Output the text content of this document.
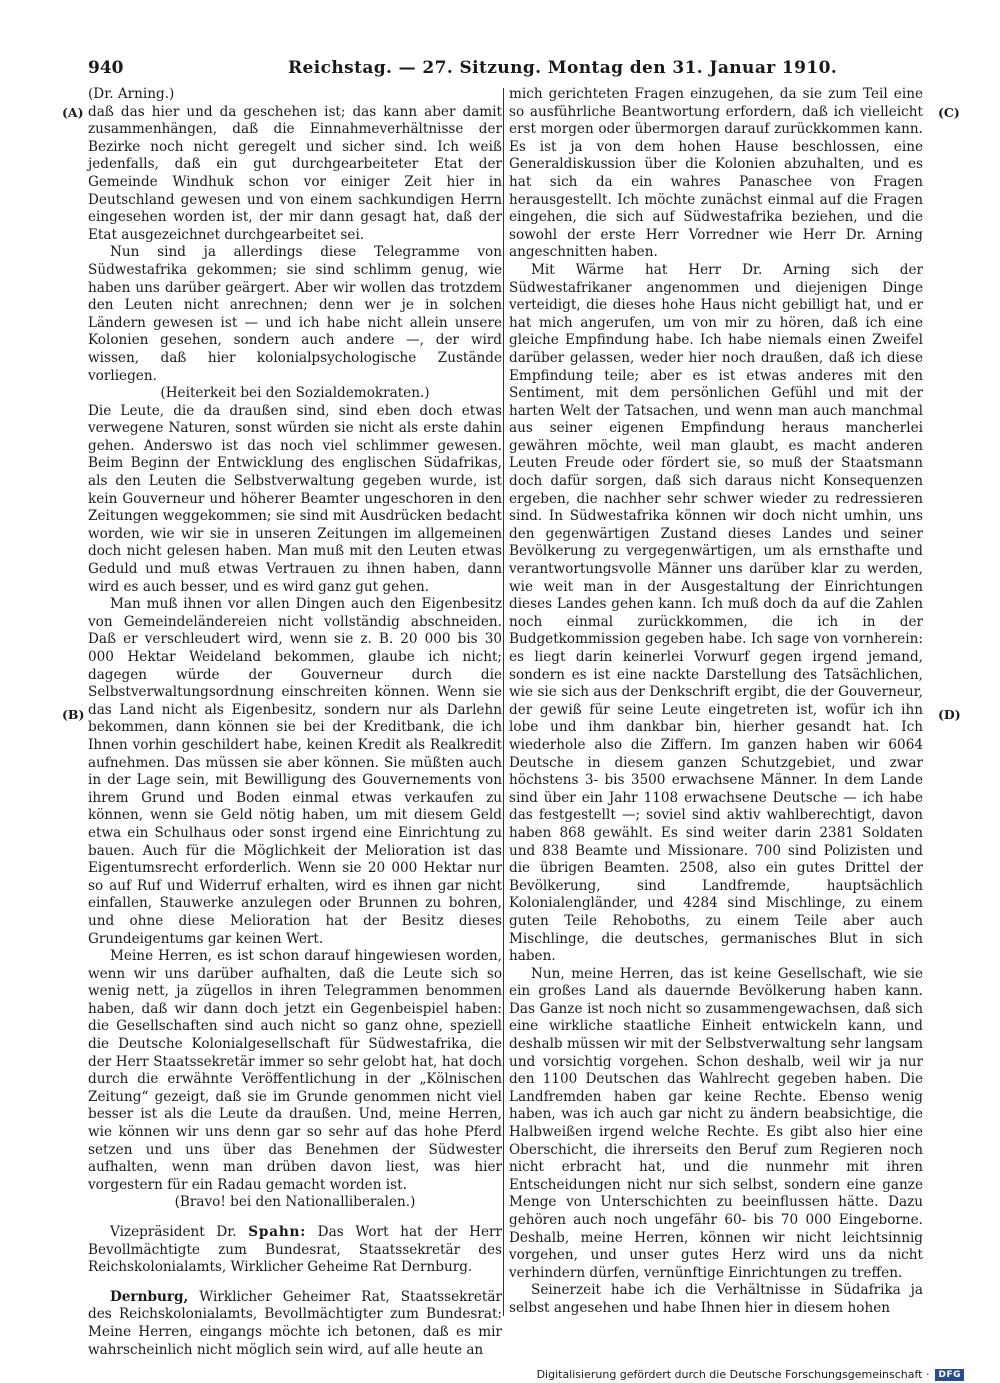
940	Reichstag. — 27. Sitzung. Montag den 31. Januar 1910.
(A)
(B)
(C)
(D)

(Dr. Arning.)

daß das hier und da geschehen ist; das kann aber damit zusammenhängen, daß die Einnahmeverhältnisse der Bezirke noch nicht geregelt und sicher sind. Ich weiß jedenfalls, daß ein gut durchgearbeiteter Etat der Gemeinde Windhuk schon vor einiger Zeit hier in Deutschland gewesen und von einem sachkundigen Herrn eingesehen worden ist, der mir dann gesagt hat, daß der Etat ausgezeichnet durchgearbeitet sei.

Nun sind ja allerdings diese Telegramme von Südwestafrika gekommen; sie sind schlimm genug, wie haben uns darüber geärgert. Aber wir wollen das trotzdem den Leuten nicht anrechnen; denn wer je in solchen Ländern gewesen ist — und ich habe nicht allein unsere Kolonien gesehen, sondern auch andere —, der wird wissen, daß hier kolonialpsychologische Zustände vorliegen.

(Heiterkeit bei den Sozialdemokraten.)

Die Leute, die da draußen sind, sind eben doch etwas verwegene Naturen, sonst würden sie nicht als erste dahin gehen. Anderswo ist das noch viel schlimmer gewesen. Beim Beginn der Entwicklung des englischen Südafrikas, als den Leuten die Selbstverwaltung gegeben wurde, ist kein Gouverneur und höherer Beamter ungeschoren in den Zeitungen weggekommen; sie sind mit Ausdrücken bedacht worden, wie wir sie in unseren Zeitungen im allgemeinen doch nicht gelesen haben. Man muß mit den Leuten etwas Geduld und muß etwas Vertrauen zu ihnen haben, dann wird es auch besser, und es wird ganz gut gehen.

Man muß ihnen vor allen Dingen auch den Eigenbesitz von Gemeindeländereien nicht vollständig abschneiden. Daß er verschleudert wird, wenn sie z. B. 20 000 bis 30 000 Hektar Weideland bekommen, glaube ich nicht; dagegen würde der Gouverneur durch die Selbstverwaltungsordnung einschreiten können. Wenn sie das Land nicht als Eigenbesitz, sondern nur als Darlehn bekommen, dann können sie bei der Kreditbank, die ich Ihnen vorhin geschildert habe, keinen Kredit als Realkredit aufnehmen. Das müssen sie aber können. Sie müßten auch in der Lage sein, mit Bewilligung des Gouvernements von ihrem Grund und Boden einmal etwas verkaufen zu können, wenn sie Geld nötig haben, um mit diesem Geld etwa ein Schulhaus oder sonst irgend eine Einrichtung zu bauen. Auch für die Möglichkeit der Melioration ist das Eigentumsrecht erforderlich. Wenn sie 20 000 Hektar nur so auf Ruf und Widerruf erhalten, wird es ihnen gar nicht einfallen, Stauwerke anzulegen oder Brunnen zu bohren, und ohne diese Melioration hat der Besitz dieses Grundeigentums gar keinen Wert.

Meine Herren, es ist schon darauf hingewiesen worden, wenn wir uns darüber aufhalten, daß die Leute sich so wenig nett, ja zügellos in ihren Telegrammen benommen haben, daß wir dann doch jetzt ein Gegenbeispiel haben: die Gesellschaften sind auch nicht so ganz ohne, speziell die Deutsche Kolonialgesellschaft für Südwestafrika, die der Herr Staatssekretär immer so sehr gelobt hat, hat doch durch die erwähnte Veröffentlichung in der „Kölnischen Zeitung“ gezeigt, daß sie im Grunde genommen nicht viel besser ist als die Leute da draußen. Und, meine Herren, wie können wir uns denn gar so sehr auf das hohe Pferd setzen und uns über das Benehmen der Südwester aufhalten, wenn man drüben davon liest, was hier vorgestern für ein Radau gemacht worden ist.

(Bravo! bei den Nationalliberalen.)

Vizepräsident Dr. Spahn: Das Wort hat der Herr Bevollmächtigte zum Bundesrat, Staatssekretär des Reichskolonialamts, Wirklicher Geheime Rat Dernburg.

Dernburg, Wirklicher Geheimer Rat, Staatssekretär des Reichskolonialamts, Bevollmächtigter zum Bundesrat: Meine Herren, eingangs möchte ich betonen, daß es mir wahrscheinlich nicht möglich sein wird, auf alle heute an

mich gerichteten Fragen einzugehen, da sie zum Teil eine so ausführliche Beantwortung erfordern, daß ich vielleicht erst morgen oder übermorgen darauf zurückkommen kann. Es ist ja von dem hohen Hause beschlossen, eine Generaldiskussion über die Kolonien abzuhalten, und es hat sich da ein wahres Panaschee von Fragen herausgestellt. Ich möchte zunächst einmal auf die Fragen eingehen, die sich auf Südwestafrika beziehen, und die sowohl der erste Herr Vorredner wie Herr Dr. Arning angeschnitten haben.

Mit Wärme hat Herr Dr. Arning sich der Südwestafrikaner angenommen und diejenigen Dinge verteidigt, die dieses hohe Haus nicht gebilligt hat, und er hat mich angerufen, um von mir zu hören, daß ich eine gleiche Empfindung habe. Ich habe niemals einen Zweifel darüber gelassen, weder hier noch draußen, daß ich diese Empfindung teile; aber es ist etwas anderes mit den Sentiment, mit dem persönlichen Gefühl und mit der harten Welt der Tatsachen, und wenn man auch manchmal aus seiner eigenen Empfindung heraus mancherlei gewähren möchte, weil man glaubt, es macht anderen Leuten Freude oder fördert sie, so muß der Staatsmann doch dafür sorgen, daß sich daraus nicht Konsequenzen ergeben, die nachher sehr schwer wieder zu redressieren sind. In Südwestafrika können wir doch nicht umhin, uns den gegenwärtigen Zustand dieses Landes und seiner Bevölkerung zu vergegenwärtigen, um als ernsthafte und verantwortungsvolle Männer uns darüber klar zu werden, wie weit man in der Ausgestaltung der Einrichtungen dieses Landes gehen kann. Ich muß doch da auf die Zahlen noch einmal zurückkommen, die ich in der Budgetkommission gegeben habe. Ich sage von vornherein: es liegt darin keinerlei Vorwurf gegen irgend jemand, sondern es ist eine nackte Darstellung des Tatsächlichen, wie sie sich aus der Denkschrift ergibt, die der Gouverneur, der gewiß für seine Leute eingetreten ist, wofür ich ihn lobe und ihm dankbar bin, hierher gesandt hat. Ich wiederhole also die Ziffern. Im ganzen haben wir 6064 Deutsche in diesem ganzen Schutzgebiet, und zwar höchstens 3- bis 3500 erwachsene Männer. In dem Lande sind über ein Jahr 1108 erwachsene Deutsche — ich habe das festgestellt —; soviel sind aktiv wahlberechtigt, davon haben 868 gewählt. Es sind weiter darin 2381 Soldaten und 838 Beamte und Missionare. 700 sind Polizisten und die übrigen Beamten. 2508, also ein gutes Drittel der Bevölkerung, sind Landfremde, hauptsächlich Kolonialengländer, und 4284 sind Mischlinge, zu einem guten Teile Rehoboths, zu einem Teile aber auch Mischlinge, die deutsches, germanisches Blut in sich haben.

Nun, meine Herren, das ist keine Gesellschaft, wie sie ein großes Land als dauernde Bevölkerung haben kann. Das Ganze ist noch nicht so zusammengewachsen, daß sich eine wirkliche staatliche Einheit entwickeln kann, und deshalb müssen wir mit der Selbstverwaltung sehr langsam und vorsichtig vorgehen. Schon deshalb, weil wir ja nur den 1100 Deutschen das Wahlrecht gegeben haben. Die Landfremden haben gar keine Rechte. Ebenso wenig haben, was ich auch gar nicht zu ändern beabsichtige, die Halbweißen irgend welche Rechte. Es gibt also hier eine Oberschicht, die ihrerseits den Beruf zum Regieren noch nicht erbracht hat, und die nunmehr mit ihren Entscheidungen nicht nur sich selbst, sondern eine ganze Menge von Unterschichten zu beeinflussen hätte. Dazu gehören auch noch ungefähr 60- bis 70 000 Eingeborne. Deshalb, meine Herren, können wir nicht leichtsinnig vorgehen, und unser gutes Herz wird uns da nicht verhindern dürfen, vernünftige Einrichtungen zu treffen.

Seinerzeit habe ich die Verhältnisse in Südafrika ja selbst angesehen und habe Ihnen hier in diesem hohen

Digitalisierung gefördert durch die Deutsche Forschungsgemeinschaft ·	DFG
